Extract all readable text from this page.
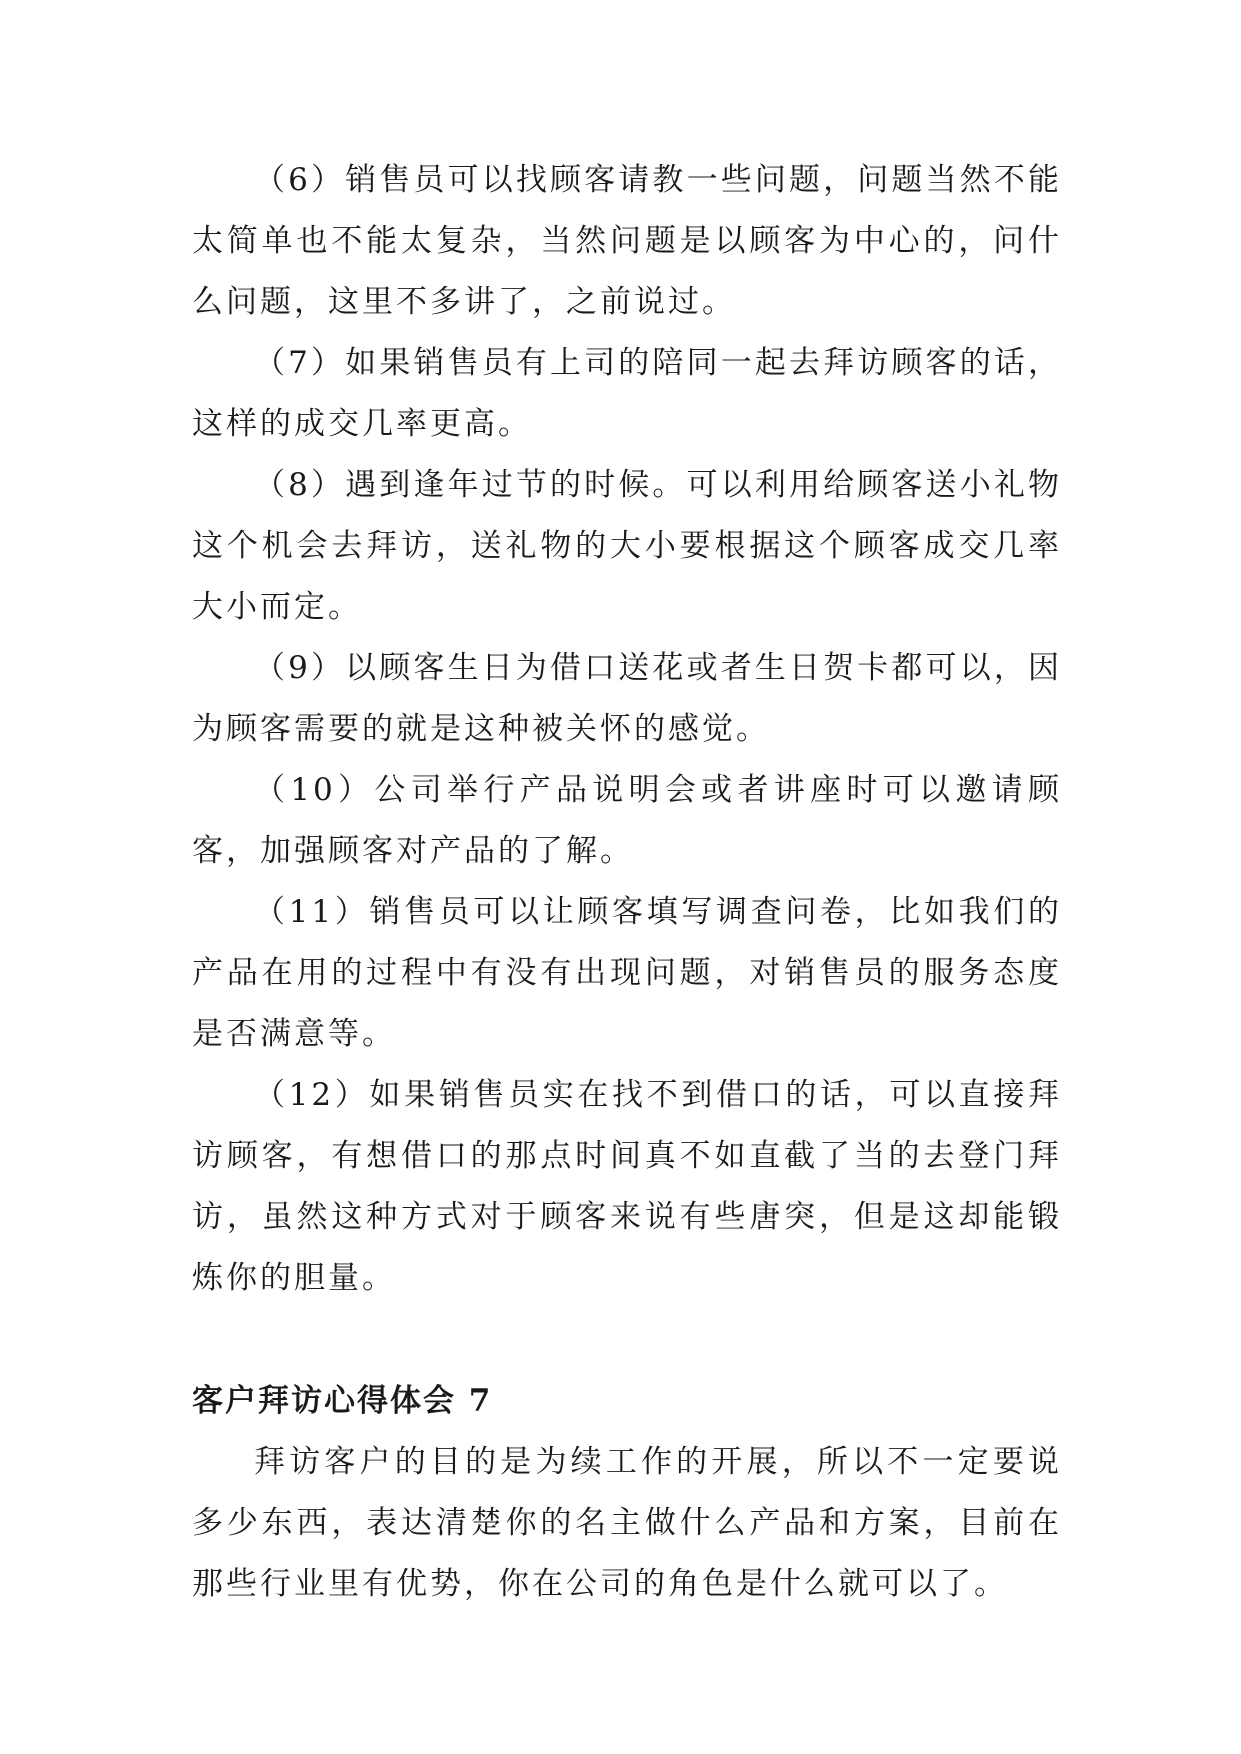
（6）销售员可以找顾客请教一些问题，问题当然不能太简单也不能太复杂，当然问题是以顾客为中心的，问什么问题，这里不多讲了，之前说过。

（7）如果销售员有上司的陪同一起去拜访顾客的话，这样的成交几率更高。

（8）遇到逢年过节的时候。可以利用给顾客送小礼物这个机会去拜访，送礼物的大小要根据这个顾客成交几率大小而定。

（9）以顾客生日为借口送花或者生日贺卡都可以，因为顾客需要的就是这种被关怀的感觉。

（10）公司举行产品说明会或者讲座时可以邀请顾客，加强顾客对产品的了解。

（11）销售员可以让顾客填写调查问卷，比如我们的产品在用的过程中有没有出现问题，对销售员的服务态度是否满意等。

（12）如果销售员实在找不到借口的话，可以直接拜访顾客，有想借口的那点时间真不如直截了当的去登门拜访，虽然这种方式对于顾客来说有些唐突，但是这却能锻炼你的胆量。

客户拜访心得体会 7

拜访客户的目的是为续工作的开展，所以不一定要说多少东西，表达清楚你的名主做什么产品和方案，目前在那些行业里有优势，你在公司的角色是什么就可以了。
